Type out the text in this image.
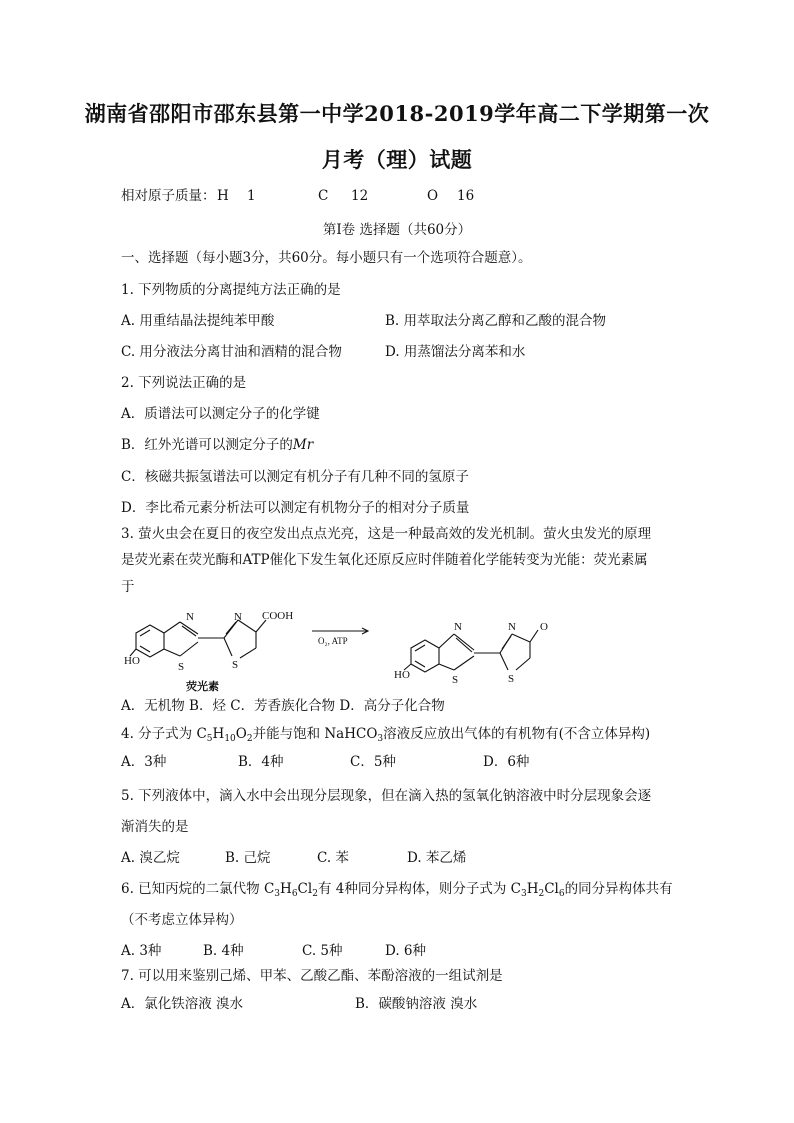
湖南省邵阳市邵东县第一中学2018-2019学年高二下学期第一次
月考（理）试题
相对原子质量： H 1	C 12	O 16
第Ⅰ卷 选择题（共60分）
一、选择题（每小题3分，共60分。每小题只有一个选项符合题意）。
1. 下列物质的分离提纯方法正确的是
A. 用重结晶法提纯苯甲酸	B. 用萃取法分离乙醇和乙酸的混合物
C. 用分液法分离甘油和酒精的混合物	D. 用蒸馏法分离苯和水
2. 下列说法正确的是
A．质谱法可以测定分子的化学键
B．红外光谱可以测定分子的Mr
C．核磁共振氢谱法可以测定有机分子有几种不同的氢原子
D．李比希元素分析法可以测定有机物分子的相对分子质量
3. 萤火虫会在夏日的夜空发出点点光亮，这是一种最高效的发光机制。萤火虫发光的原理
是荧光素在荧光酶和ATP催化下发生氧化还原反应时伴随着化学能转变为光能：荧光素属
于
HO
N
S
N
S
COOH
荧光素
O₂, ATP
HO
N
S
N
S
O
A．无机物 B．烃 C．芳香族化合物 D．高分子化合物
4. 分子式为 $C_5H_{10}O_2$并能与饱和 NaHCO$_3$溶液反应放出气体的有机物有(不含立体异构)
A．3种	B．4种	C．5种	D．6种
5. 下列液体中，滴入水中会出现分层现象，但在滴入热的氢氧化钠溶液中时分层现象会逐
渐消失的是
A. 溴乙烷	B. 己烷	C. 苯	D. 苯乙烯
6. 已知丙烷的二氯代物 $C_3H_6Cl_2$有 4种同分异构体，则分子式为 $C_3H_2Cl_6$的同分异构体共有
（不考虑立体异构）
A. 3种	B. 4种	C. 5种	D. 6种
7. 可以用来鉴别己烯、甲苯、乙酸乙酯、苯酚溶液的一组试剂是
A．氯化铁溶液 溴水	B．碳酸钠溶液 溴水
